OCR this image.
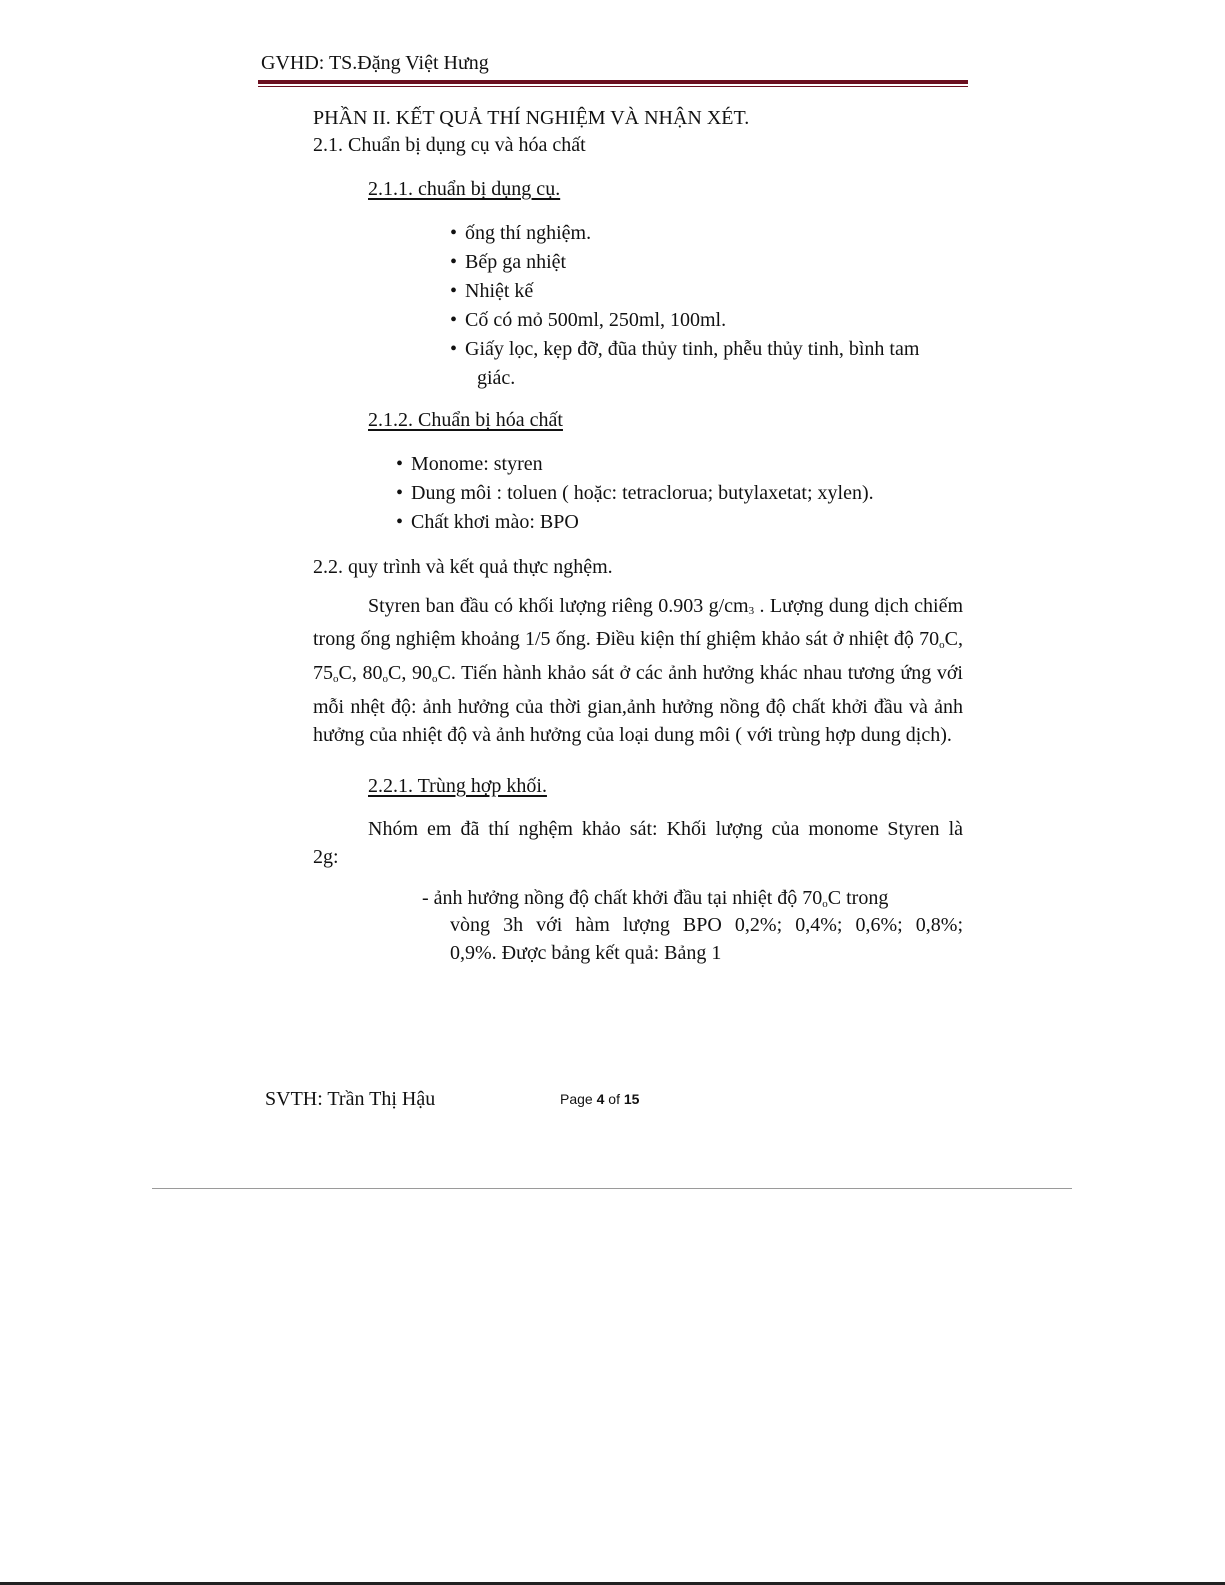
GVHD: TS.Đặng Việt Hưng
PHẦN II. KẾT QUẢ THÍ NGHIỆM VÀ NHẬN XÉT.
2.1. Chuẩn bị dụng cụ và hóa chất
2.1.1. chuẩn bị dụng cụ.
• ống thí nghiệm.
• Bếp ga nhiệt
• Nhiệt kế
• Cố có mỏ 500ml, 250ml, 100ml.
• Giấy lọc, kẹp đỡ, đũa thủy tinh, phễu thủy tinh, bình tam
giác.
2.1.2. Chuẩn bị hóa chất
• Monome: styren
• Dung môi : toluen ( hoặc: tetraclorua; butylaxetat; xylen).
• Chất khơi mào: BPO
2.2. quy trình và kết quả thực nghệm.
Styren ban đầu có khối lượng riêng 0.903 $g/cm^3$ . Lượng dung dịch chiếm trong ống nghiệm khoảng 1/5 ống. Điều kiện thí ghiệm khảo sát ở nhiệt độ $70_oC$, $75_oC$, $80_oC$, $90_oC$. Tiến hành khảo sát ở các ảnh hưởng khác nhau tương ứng với mỗi nhệt độ: ảnh hưởng của thời gian,ảnh hưởng nồng độ chất khởi đầu và ảnh hưởng của nhiệt độ và ảnh hưởng của loại dung môi ( với trùng hợp dung dịch).
2.2.1. Trùng hợp khối.
Nhóm em đã thí nghệm khảo sát: Khối lượng của monome Styren là
2g:
- ảnh hưởng nồng độ chất khởi đầu tại nhiệt độ $70_oC$ trong
vòng 3h với hàm lượng BPO 0,2%; 0,4%; 0,6%; 0,8%;
0,9%. Được bảng kết quả: Bảng 1
SVTH: Trần Thị Hậu	Page 4 of 15
